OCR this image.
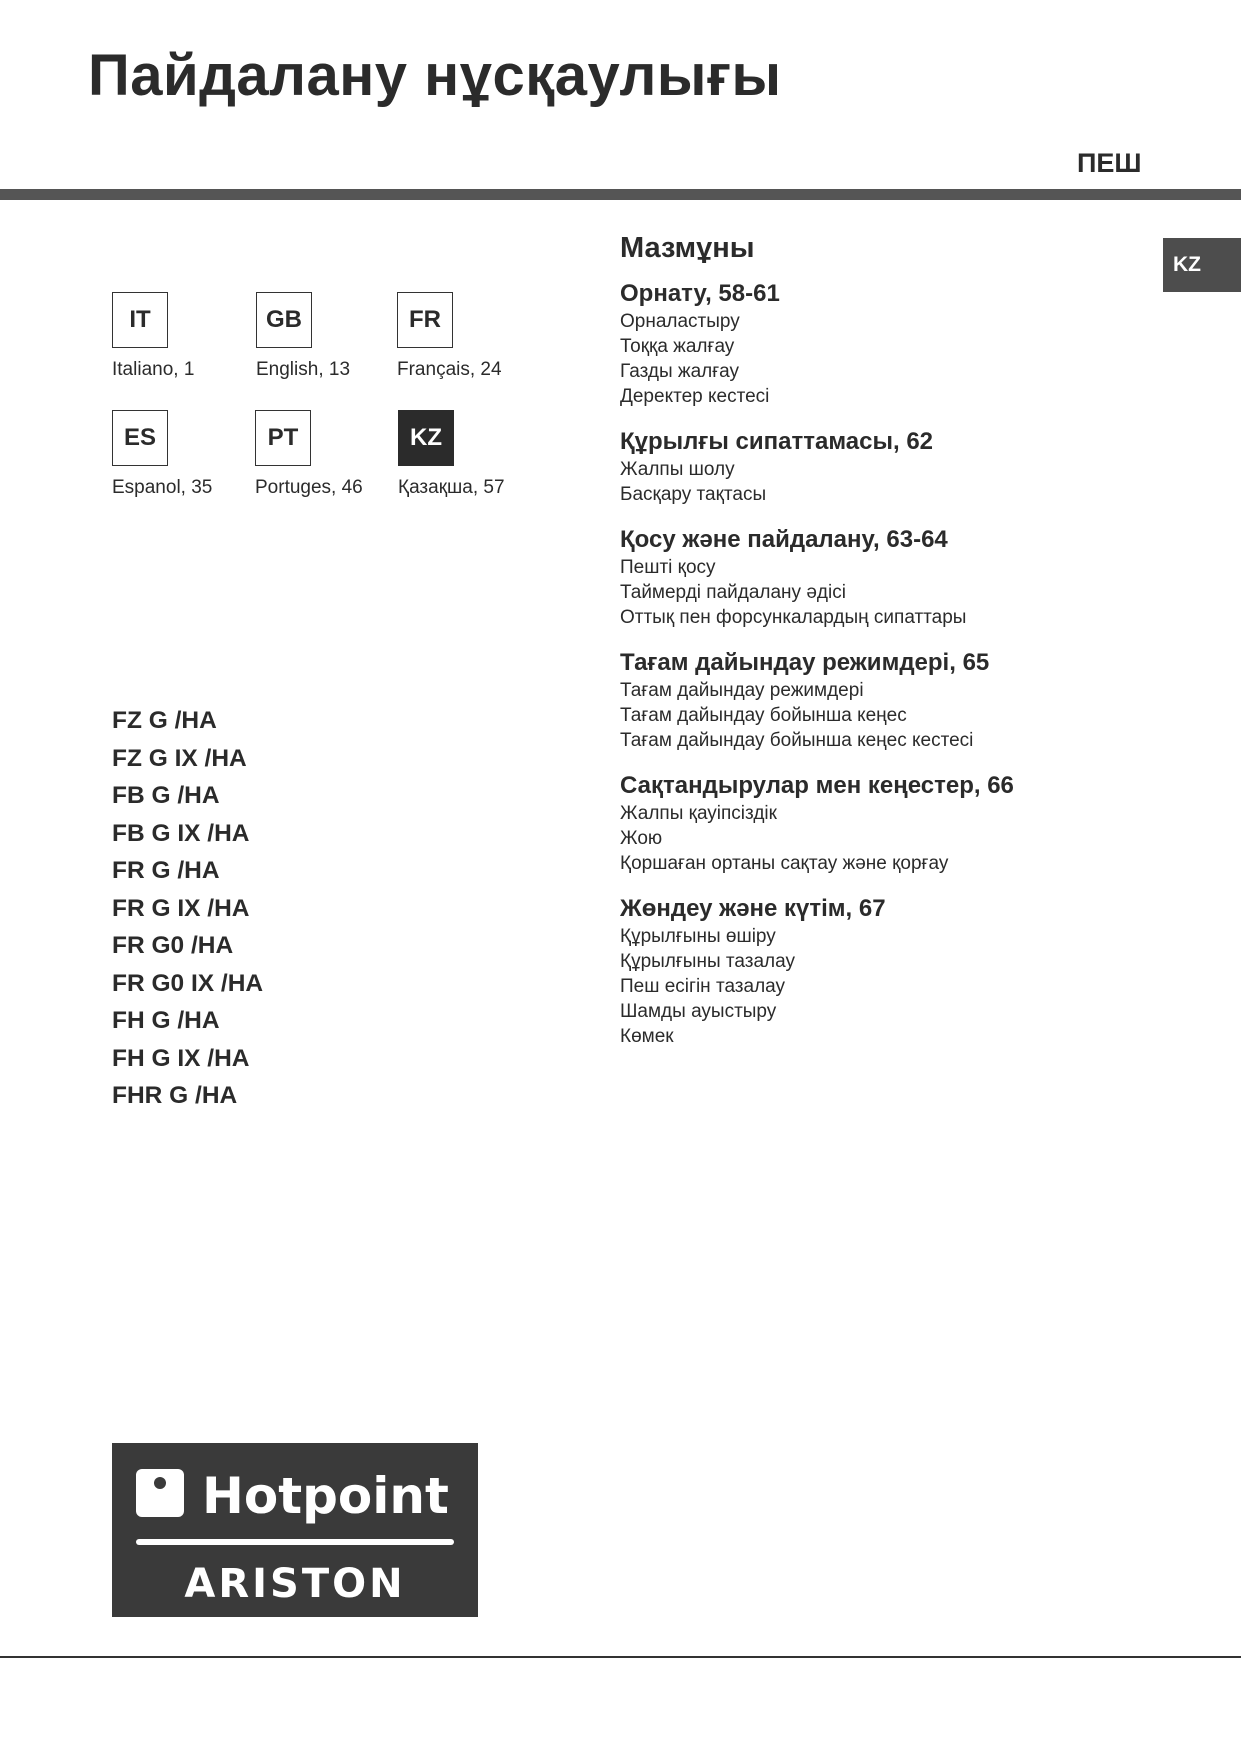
Пайдалану нұсқаулығы
ПЕШ
KZ
IT
Italiano, 1
GB
English, 13
FR
Français, 24
ES
Espanol, 35
PT
Portuges, 46
KZ
Қазақша, 57
FZ G /HA
FZ G IX /HA
FB G /HA
FB G IX /HA
FR G /HA
FR G IX /HA
FR G0 /HA
FR G0 IX /HA
FH G /HA
FH G IX /HA
FHR G /HA
Мазмұны
Орнату, 58-61
Орналастыру
Тоққа жалғау
Газды жалғау
Деректер кестесі
Құрылғы сипаттамасы, 62
Жалпы шолу
Басқару тақтасы
Қосу және пайдалану, 63-64
Пешті қосу
Таймерді пайдалану әдісі
Оттық пен форсункалардың сипаттары
Тағам дайындау режимдері, 65
Тағам дайындау режимдері
Тағам дайындау бойынша кеңес
Тағам дайындау бойынша кеңес кестесі
Сақтандырулар мен кеңестер, 66
Жалпы қауіпсіздік
Жою
Қоршаған ортаны сақтау және қорғау
Жөндеу және күтім, 67
Құрылғыны өшіру
Құрылғыны тазалау
Пеш есігін тазалау
Шамды ауыстыру
Көмек
Hotpoint
ARISTON
